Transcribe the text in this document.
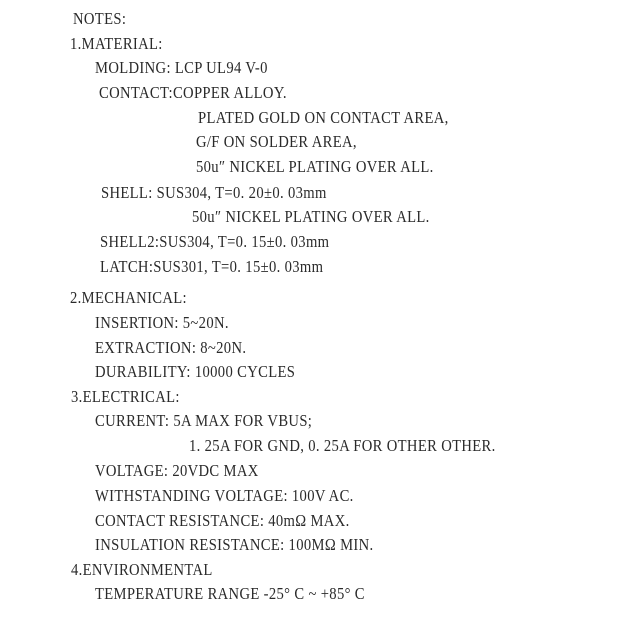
NOTES:
1.MATERIAL:
MOLDING: LCP UL94 V-0
CONTACT:COPPER ALLOY.
PLATED GOLD ON CONTACT AREA,
G/F ON SOLDER AREA,
50u″ NICKEL PLATING OVER ALL.
SHELL: SUS304, T=0. 20±0. 03mm
50u″ NICKEL PLATING OVER ALL.
SHELL2:SUS304, T=0. 15±0. 03mm
LATCH:SUS301, T=0. 15±0. 03mm
2.MECHANICAL:
INSERTION: 5~20N.
EXTRACTION: 8~20N.
DURABILITY: 10000 CYCLES
3.ELECTRICAL:
CURRENT: 5A MAX FOR VBUS;
1. 25A FOR GND, 0. 25A FOR OTHER OTHER.
VOLTAGE: 20VDC MAX
WITHSTANDING VOLTAGE: 100V AC.
CONTACT RESISTANCE: 40mΩ MAX.
INSULATION RESISTANCE: 100MΩ MIN.
4.ENVIRONMENTAL
TEMPERATURE RANGE -25° C ~ +85° C
